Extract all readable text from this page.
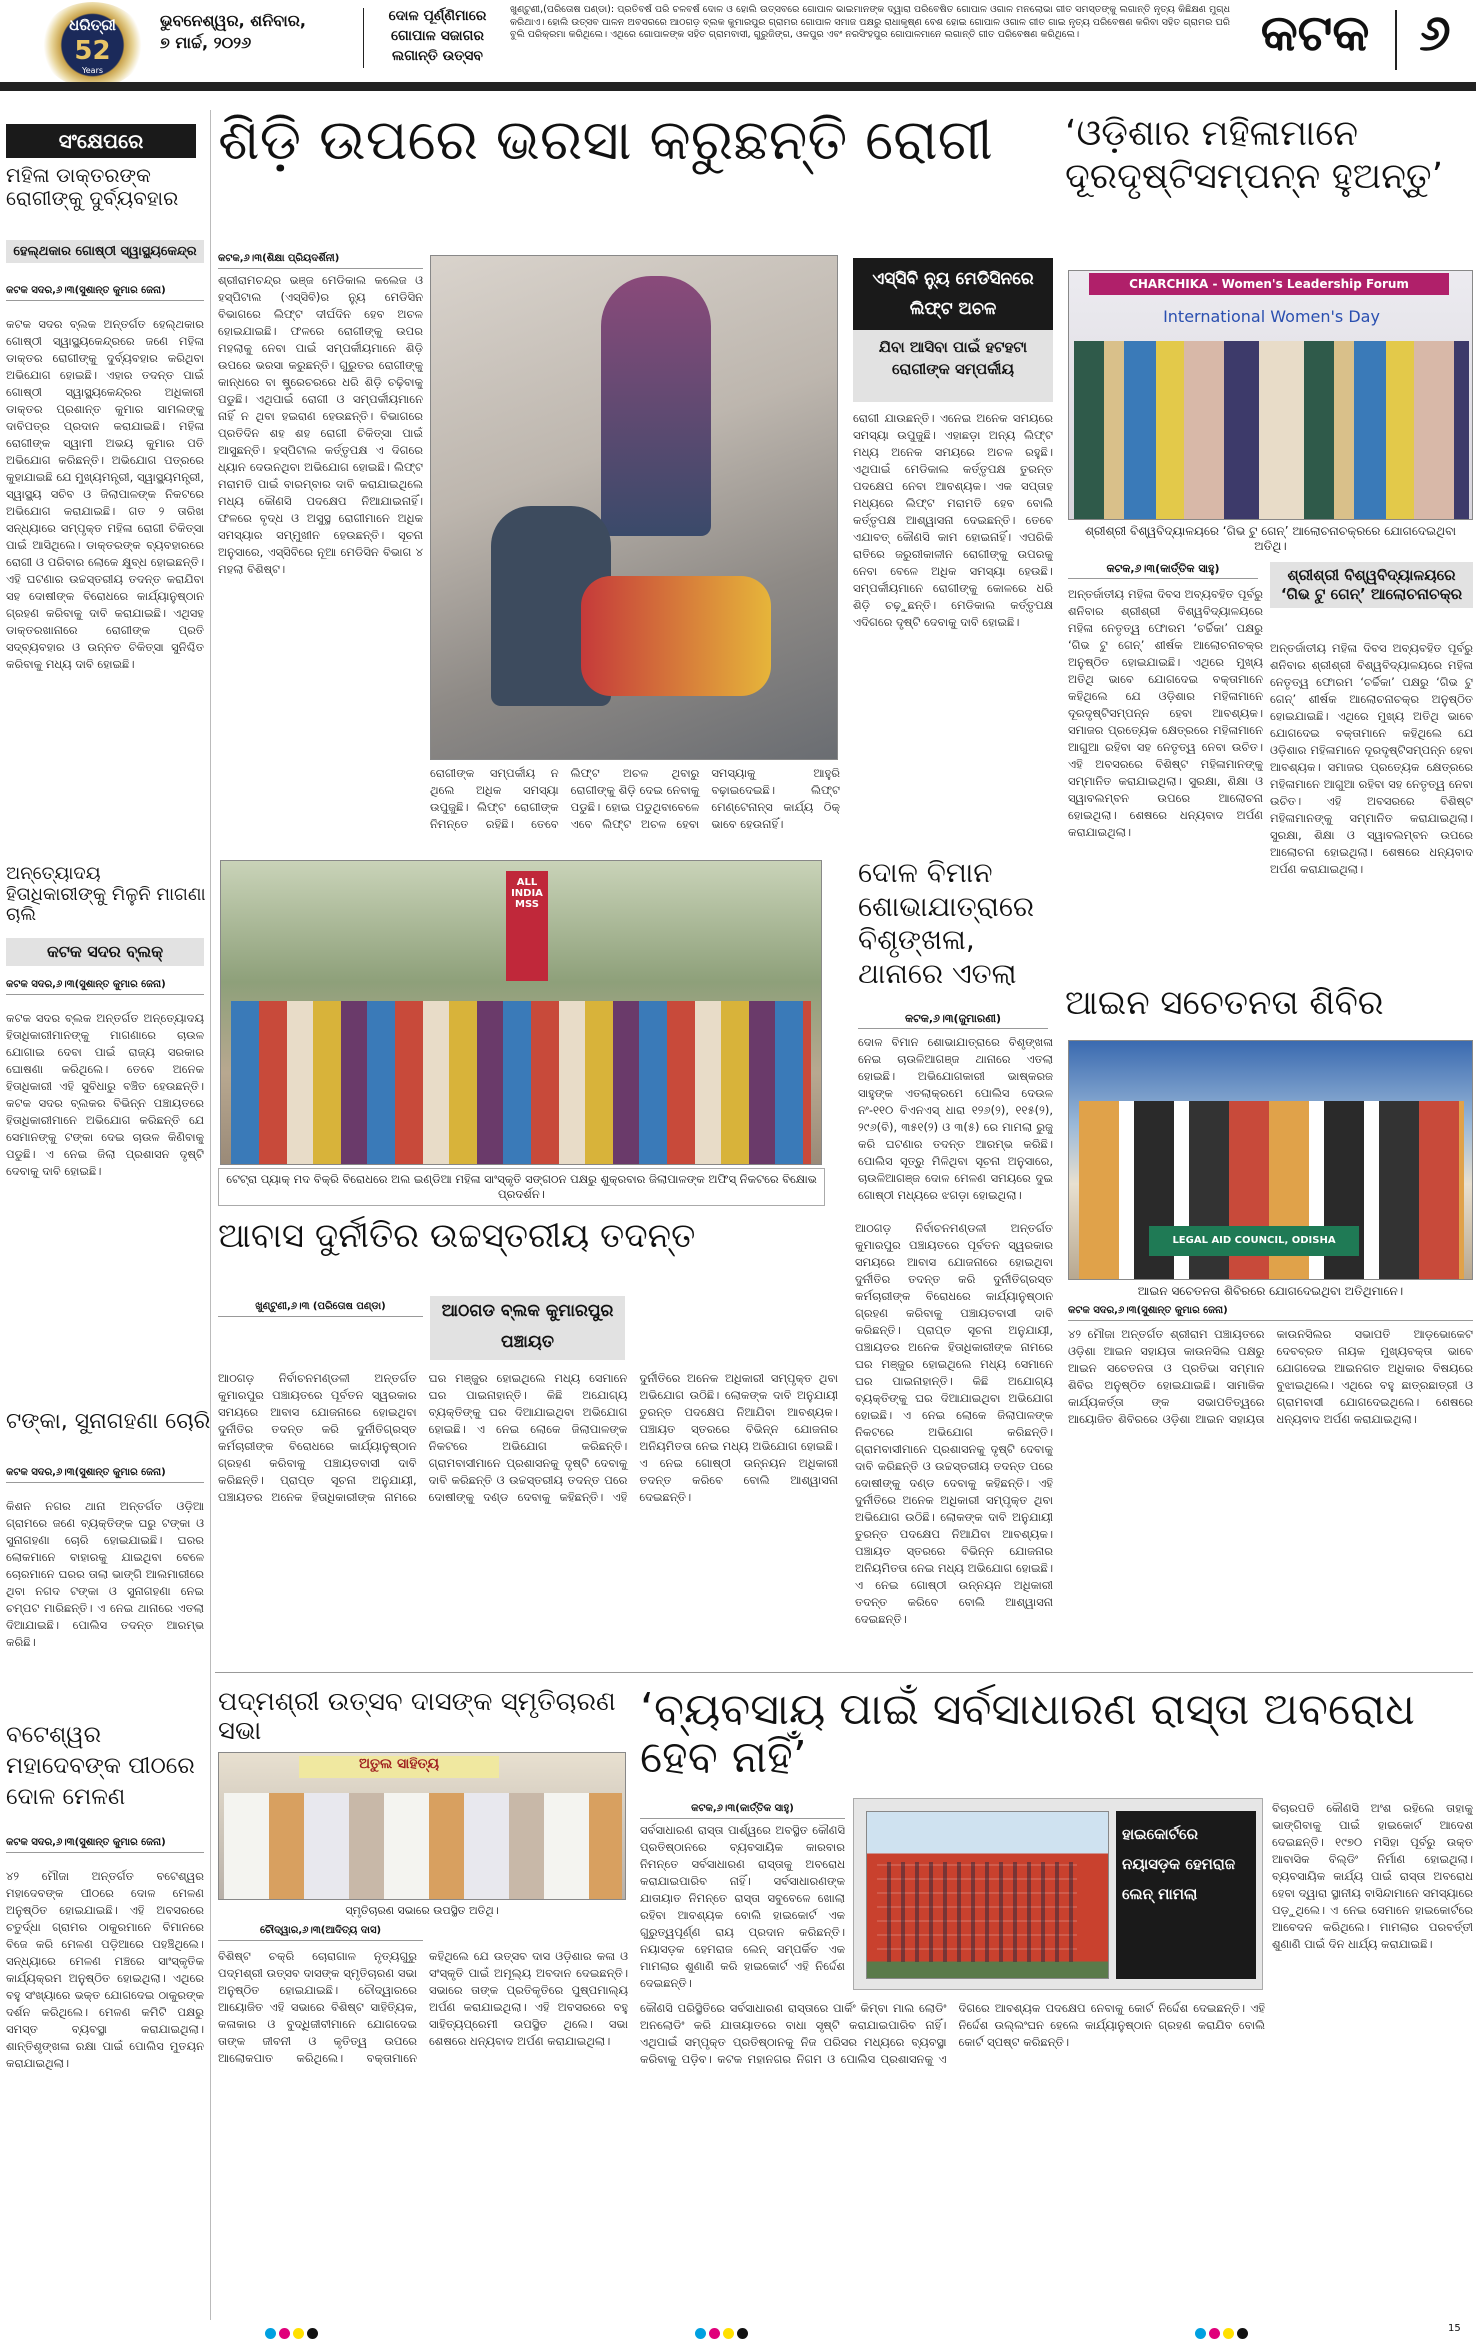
ଧରିତ୍ରୀ
52
Years
ଭୁବନେଶ୍ୱର, ଶନିବାର,
୭ ମାର୍ଚ୍ଚ, ୨୦୨୬
ଦୋଳ ପୂର୍ଣ୍ଣିମାରେ ଗୋପାଳ ସଜାଗର ଲଗାନ୍ତି ଉତ୍ସବ
ଖୁଣ୍ଟୁଣୀ,(ପରିତୋଷ ପଣ୍ଡା): ପ୍ରତିବର୍ଷ ପରି ଚଳବର୍ଷ ଦୋଳ ଓ ହୋଲି ଉତ୍ସବରେ ଗୋପାଳ ଭାଇମାନଙ୍କ ଦ୍ୱାରା ପରିବେଷିତ ଗୋପାଳ ଓଗାଳ ମନଲୋଭା ଗୀତ ସମସ୍ତଙ୍କୁ ଲଗାନ୍ତି ନୃତ୍ୟ କିଛିକ୍ଷଣ ମୁଗ୍ଧ କରିଥାଏ। ହୋଲି ଉତ୍ସବ ପାଳନ ଅବସରରେ ଆଠଗଡ଼ ବ୍ଲକ କୁମାରପୁର ଗ୍ରାମର ଗୋପାଳ ସମାଜ ପକ୍ଷରୁ ରାଧାକୃଷ୍ଣ ବେଶ ହୋଇ ଗୋପାଳ ଓଗାଳ ଗୀତ ଗାଇ ନୃତ୍ୟ ପରିବେଷଣ କରିବା ସହିତ ଗ୍ରାମର ଘରି ବୁଲି ପରିକ୍ରମା କରିଥିଲେ। ଏଥିରେ ଗୋପାଳଙ୍କ ସହିତ ଗ୍ରାମବାସୀ, ଗୁରୁଜିଙ୍ଗ, ଓଳପୁର ଏବଂ ନରସିଂହପୁର ଗୋପାଳମାନେ ଲଗାନ୍ତି ଗୀତ ପରିବେଷଣ କରିଥିଲେ।	କଟକ	୬
ସଂକ୍ଷେପରେ
ମହିଳା ଡାକ୍ତରଙ୍କ ରୋଗୀଙ୍କୁ ଦୁର୍ବ୍ୟବହାର
ହେଲ୍‌ଥକାର ଗୋଷ୍ଠୀ ସ୍ୱାସ୍ଥ୍ୟକେନ୍ଦ୍ର
କଟକ ସଦର,୬।୩(ସୁଶାନ୍ତ କୁମାର ଜେନା)
କଟକ ସଦର ବ୍ଲକ ଅନ୍ତର୍ଗତ ହେଲ୍‌ଥକାର ଗୋଷ୍ଠୀ ସ୍ୱାସ୍ଥ୍ୟକେନ୍ଦ୍ରରେ ଜଣେ ମହିଳା ଡାକ୍ତର ରୋଗୀଙ୍କୁ ଦୁର୍ବ୍ୟବହାର କରିଥିବା ଅଭିଯୋଗ ହୋଇଛି। ଏହାର ତଦନ୍ତ ପାଇଁ ଗୋଷ୍ଠୀ ସ୍ୱାସ୍ଥ୍ୟକେନ୍ଦ୍ରର ଅଧିକାରୀ ଡାକ୍ତର ପ୍ରଶାନ୍ତ କୁମାର ସାମଲଙ୍କୁ ଦାବିପତ୍ର ପ୍ରଦାନ କରାଯାଇଛି। ମହିଳା ରୋଗୀଙ୍କ ସ୍ୱାମୀ ଅଭୟ କୁମାର ପତି ଅଭିଯୋଗ କରିଛନ୍ତି। ଅଭିଯୋଗ ପତ୍ରରେ କୁହାଯାଇଛି ଯେ ମୁଖ୍ୟମନ୍ତ୍ରୀ, ସ୍ୱାସ୍ଥ୍ୟମନ୍ତ୍ରୀ, ସ୍ୱାସ୍ଥ୍ୟ ସଚିବ ଓ ଜିଲାପାଳଙ୍କ ନିକଟରେ ଅଭିଯୋଗ କରାଯାଇଛି। ଗତ ୨ ତାରିଖ ସନ୍ଧ୍ୟାରେ ସମ୍ପୃକ୍ତ ମହିଳା ରୋଗୀ ଚିକିତ୍ସା ପାଇଁ ଆସିଥିଲେ। ଡାକ୍ତରଙ୍କ ବ୍ୟବହାରରେ ରୋଗୀ ଓ ପରିବାର ଲୋକେ କ୍ଷୁବ୍ଧ ହୋଇଛନ୍ତି। ଏହି ଘଟଣାର ଉଚ୍ଚସ୍ତରୀୟ ତଦନ୍ତ କରାଯିବା ସହ ଦୋଷୀଙ୍କ ବିରୋଧରେ କାର୍ଯ୍ୟାନୁଷ୍ଠାନ ଗ୍ରହଣ କରିବାକୁ ଦାବି କରାଯାଇଛି। ଏଥିସହ ଡାକ୍ତରଖାନାରେ ରୋଗୀଙ୍କ ପ୍ରତି ସଦ୍‌ବ୍ୟବହାର ଓ ଉନ୍ନତ ଚିକିତ୍ସା ସୁନିଶ୍ଚିତ କରିବାକୁ ମଧ୍ୟ ଦାବି ହୋଇଛି।
ଅନ୍ତ୍ୟୋଦୟ ହିତାଧିକାରୀଙ୍କୁ ମିଳୁନି ମାଗଣା ଚାଲି
କଟକ ସଦର ବ୍ଲକ୍
କଟକ ସଦର,୬।୩(ସୁଶାନ୍ତ କୁମାର ଜେନା)
କଟକ ସଦର ବ୍ଲକ ଅନ୍ତର୍ଗତ ଅନ୍ତ୍ୟୋଦୟ ହିତାଧିକାରୀମାନଙ୍କୁ ମାଗଣାରେ ଚାଉଳ ଯୋଗାଇ ଦେବା ପାଇଁ ରାଜ୍ୟ ସରକାର ଘୋଷଣା କରିଥିଲେ। ତେବେ ଅନେକ ହିତାଧିକାରୀ ଏହି ସୁବିଧାରୁ ବଞ୍ଚିତ ହେଉଛନ୍ତି। କଟକ ସଦର ବ୍ଲକର ବିଭିନ୍ନ ପଞ୍ଚାୟତରେ ହିତାଧିକାରୀମାନେ ଅଭିଯୋଗ କରିଛନ୍ତି ଯେ ସେମାନଙ୍କୁ ଟଙ୍କା ଦେଇ ଚାଉଳ କିଣିବାକୁ ପଡୁଛି। ଏ ନେଇ ଜିଲା ପ୍ରଶାସନ ଦୃଷ୍ଟି ଦେବାକୁ ଦାବି ହୋଇଛି।
ଟଙ୍କା, ସୁନାଗହଣା ଚୋରି
କଟକ ସଦର,୬।୩(ସୁଶାନ୍ତ କୁମାର ଜେନା)
କିଶନ ନଗର ଥାନା ଅନ୍ତର୍ଗତ ଓଡ଼ିଆ ଗ୍ରାମରେ ଜଣେ ବ୍ୟକ୍ତିଙ୍କ ଘରୁ ଟଙ୍କା ଓ ସୁନାଗହଣା ଚୋରି ହୋଇଯାଇଛି। ଘରର ଲୋକମାନେ ବାହାରକୁ ଯାଇଥିବା ବେଳେ ଚୋରମାନେ ଘରର ତାଲା ଭାଙ୍ଗି ଆଲମାରୀରେ ଥିବା ନଗଦ ଟଙ୍କା ଓ ସୁନାଗହଣା ନେଇ ଚମ୍ପଟ ମାରିଛନ୍ତି। ଏ ନେଇ ଥାନାରେ ଏତଲା ଦିଆଯାଇଛି। ପୋଲିସ ତଦନ୍ତ ଆରମ୍ଭ କରିଛି।
ବଟେଶ୍ୱର ମହାଦେବଙ୍କ ପୀଠରେ ଦୋଳ ମେଳଣ
କଟକ ସଦର,୬।୩(ସୁଶାନ୍ତ କୁମାର ଜେନା)
୪୨ ମୌଜା ଅନ୍ତର୍ଗତ ବଟେଶ୍ୱର ମହାଦେବଙ୍କ ପୀଠରେ ଦୋଳ ମେଳଣ ଅନୁଷ୍ଠିତ ହୋଇଯାଇଛି। ଏହି ଅବସରରେ ଚତୁର୍ଦ୍ଧା ଗ୍ରାମର ଠାକୁରମାନେ ବିମାନରେ ବିଜେ କରି ମେଳଣ ପଡ଼ିଆରେ ପହଞ୍ଚିଥିଲେ। ସନ୍ଧ୍ୟାରେ ମେଳଣ ମଞ୍ଚରେ ସାଂସ୍କୃତିକ କାର୍ଯ୍ୟକ୍ରମ ଅନୁଷ୍ଠିତ ହୋଇଥିଲା। ଏଥିରେ ବହୁ ସଂଖ୍ୟାରେ ଭକ୍ତ ଯୋଗଦେଇ ଠାକୁରଙ୍କ ଦର୍ଶନ କରିଥିଲେ। ମେଳଣ କମିଟି ପକ୍ଷରୁ ସମସ୍ତ ବ୍ୟବସ୍ଥା କରାଯାଇଥିଲା। ଶାନ୍ତିଶୃଙ୍ଖଳା ରକ୍ଷା ପାଇଁ ପୋଲିସ ମୁତୟନ କରାଯାଇଥିଲା।
ଶିଡ଼ି ଉପରେ ଭରସା କରୁଛନ୍ତି ରୋଗୀ
କଟକ,୬।୩(ଶିକ୍ଷା ପ୍ରିୟଦର୍ଶିନୀ)
ଶ୍ରୀରାମଚନ୍ଦ୍ର ଭଞ୍ଜ ମେଡିକାଲ କଲେଜ ଓ ହସ୍ପିଟାଲ (ଏସ୍‌ସିବି)ର ନ୍ୟୁ ମେଡିସିନ ବିଭାଗରେ ଲିଫ୍ଟ ଦୀର୍ଘଦିନ ହେବ ଅଚଳ ହୋଇଯାଇଛି। ଫଳରେ ରୋଗୀଙ୍କୁ ଉପର ମହଲାକୁ ନେବା ପାଇଁ ସମ୍ପର୍କୀୟମାନେ ଶିଡ଼ି ଉପରେ ଭରସା କରୁଛନ୍ତି। ଗୁରୁତର ରୋଗୀଙ୍କୁ କାନ୍ଧରେ ବା ଷ୍ଟ୍ରେଚରରେ ଧରି ଶିଡ଼ି ଚଢ଼ିବାକୁ ପଡୁଛି। ଏଥିପାଇଁ ରୋଗୀ ଓ ସମ୍ପର୍କୀୟମାନେ ନାହିଁ ନ ଥିବା ହଇରାଣ ହେଉଛନ୍ତି। ବିଭାଗରେ ପ୍ରତିଦିନ ଶହ ଶହ ରୋଗୀ ଚିକିତ୍ସା ପାଇଁ ଆସୁଛନ୍ତି। ହସ୍ପିଟାଲ କର୍ତ୍ତୃପକ୍ଷ ଏ ଦିଗରେ ଧ୍ୟାନ ଦେଉନଥିବା ଅଭିଯୋଗ ହୋଇଛି। ଲିଫ୍ଟ ମରାମତି ପାଇଁ ବାରମ୍ବାର ଦାବି କରାଯାଇଥିଲେ ମଧ୍ୟ କୌଣସି ପଦକ୍ଷେପ ନିଆଯାଇନାହିଁ। ଫଳରେ ବୃଦ୍ଧ ଓ ଅସୁସ୍ଥ ରୋଗୀମାନେ ଅଧିକ ସମସ୍ୟାର ସମ୍ମୁଖୀନ ହେଉଛନ୍ତି। ସୂଚନା ଅନୁସାରେ, ଏସ୍‌ସିବିରେ ନୂଆ ମେଡିସିନ ବିଭାଗ ୪ ମହଲା ବିଶିଷ୍ଟ।
ରୋଗୀଙ୍କ ସମ୍ପର୍କୀୟ ନ ଥିଲେ ଅଧିକ ସମସ୍ୟା ଉପୁଜୁଛି। ଲିଫ୍ଟ ରୋଗୀଙ୍କ ନିମନ୍ତେ ରହିଛି। ତେବେ ଲିଫ୍ଟ ଅଚଳ ଥିବାରୁ ରୋଗୀଙ୍କୁ ଶିଡ଼ି ଦେଇ ନେବାକୁ ପଡୁଛି। ହୋଇ ପଡୁଥିବାବେଳେ ଏବେ ଲିଫ୍ଟ ଅଚଳ ହେବା ସମସ୍ୟାକୁ ଆହୁରି ବଢ଼ାଇଦେଇଛି। ଲିଫ୍ଟ ମେଣ୍ଟେନାନ୍ସ କାର୍ଯ୍ୟ ଠିକ୍ ଭାବେ ହେଉନାହିଁ।
ଏସ୍‌ସିବି ନ୍ୟୁ ମେଡିସିନରେ ଲିଫ୍ଟ ଅଚଳ
ଯିବା ଆସିବା ପାଇଁ ହଟହଟା ରୋଗୀଙ୍କ ସମ୍ପର୍କୀୟ
ରୋଗୀ ଯାଉଛନ୍ତି। ଏନେଇ ଅନେକ ସମୟରେ ସମସ୍ୟା ଉପୁଜୁଛି। ଏହାଛଡ଼ା ଅନ୍ୟ ଲିଫ୍ଟ ମଧ୍ୟ ଅନେକ ସମୟରେ ଅଚଳ ରହୁଛି। ଏଥିପାଇଁ ମେଡିକାଲ କର୍ତ୍ତୃପକ୍ଷ ତୁରନ୍ତ ପଦକ୍ଷେପ ନେବା ଆବଶ୍ୟକ। ଏକ ସପ୍ତାହ ମଧ୍ୟରେ ଲିଫ୍ଟ ମରାମତି ହେବ ବୋଲି କର୍ତ୍ତୃପକ୍ଷ ଆଶ୍ୱାସନା ଦେଇଛନ୍ତି। ତେବେ ଏଯାବତ୍ କୌଣସି କାମ ହୋଇନାହିଁ। ଏପରିକି ରାତିରେ ଜରୁରୀକାଳୀନ ରୋଗୀଙ୍କୁ ଉପରକୁ ନେବା ବେଳେ ଅଧିକ ସମସ୍ୟା ହେଉଛି। ସମ୍ପର୍କୀୟମାନେ ରୋଗୀଙ୍କୁ କୋଳରେ ଧରି ଶିଡ଼ି ଚଢ଼ୁଛନ୍ତି। ମେଡିକାଲ କର୍ତ୍ତୃପକ୍ଷ ଏଦିଗରେ ଦୃଷ୍ଟି ଦେବାକୁ ଦାବି ହୋଇଛି।
‘ଓଡ଼ିଶାର ମହିଳାମାନେ ଦୂରଦୃଷ୍ଟିସମ୍ପନ୍ନ ହୁଅନ୍ତୁ’
CHARCHIKA - Women's Leadership Forum
International Women's Day
ଶ୍ରୀଶ୍ରୀ ବିଶ୍ୱବିଦ୍ୟାଳୟରେ ‘ଗିଭ ଟୁ ଗେନ୍’ ଆଲୋଚନାଚକ୍ରରେ ଯୋଗଦେଇଥିବା ଅତିଥି।
କଟକ,୬।୩(କାର୍ତ୍ତିକ ସାହୁ)	ଶ୍ରୀଶ୍ରୀ ବିଶ୍ୱବିଦ୍ୟାଳୟରେ ‘ଗିଭ ଟୁ ଗେନ୍’ ଆଲୋଚନାଚକ୍ର
ଅନ୍ତର୍ଜାତୀୟ ମହିଳା ଦିବସ ଅବ୍ୟବହିତ ପୂର୍ବରୁ ଶନିବାର ଶ୍ରୀଶ୍ରୀ ବିଶ୍ୱବିଦ୍ୟାଳୟରେ ମହିଳା ନେତୃତ୍ୱ ଫୋରମ ‘ଚର୍ଚ୍ଚିକା’ ପକ୍ଷରୁ ‘ଗିଭ ଟୁ ଗେନ୍’ ଶୀର୍ଷକ ଆଲୋଚନାଚକ୍ର ଅନୁଷ୍ଠିତ ହୋଇଯାଇଛି। ଏଥିରେ ମୁଖ୍ୟ ଅତିଥି ଭାବେ ଯୋଗଦେଇ ବକ୍ତାମାନେ କହିଥିଲେ ଯେ ଓଡ଼ିଶାର ମହିଳାମାନେ ଦୂରଦୃଷ୍ଟିସମ୍ପନ୍ନ ହେବା ଆବଶ୍ୟକ। ସମାଜର ପ୍ରତ୍ୟେକ କ୍ଷେତ୍ରରେ ମହିଳାମାନେ ଆଗୁଆ ରହିବା ସହ ନେତୃତ୍ୱ ନେବା ଉଚିତ। ଏହି ଅବସରରେ ବିଶିଷ୍ଟ ମହିଳାମାନଙ୍କୁ ସମ୍ମାନିତ କରାଯାଇଥିଲା। ସୁରକ୍ଷା, ଶିକ୍ଷା ଓ ସ୍ୱାବଲମ୍ବନ ଉପରେ ଆଲୋଚନା ହୋଇଥିଲା। ଶେଷରେ ଧନ୍ୟବାଦ ଅର୍ପଣ କରାଯାଇଥିଲା।
ଅନ୍ତର୍ଜାତୀୟ ମହିଳା ଦିବସ ଅବ୍ୟବହିତ ପୂର୍ବରୁ ଶନିବାର ଶ୍ରୀଶ୍ରୀ ବିଶ୍ୱବିଦ୍ୟାଳୟରେ ମହିଳା ନେତୃତ୍ୱ ଫୋରମ ‘ଚର୍ଚ୍ଚିକା’ ପକ୍ଷରୁ ‘ଗିଭ ଟୁ ଗେନ୍’ ଶୀର୍ଷକ ଆଲୋଚନାଚକ୍ର ଅନୁଷ୍ଠିତ ହୋଇଯାଇଛି। ଏଥିରେ ମୁଖ୍ୟ ଅତିଥି ଭାବେ ଯୋଗଦେଇ ବକ୍ତାମାନେ କହିଥିଲେ ଯେ ଓଡ଼ିଶାର ମହିଳାମାନେ ଦୂରଦୃଷ୍ଟିସମ୍ପନ୍ନ ହେବା ଆବଶ୍ୟକ। ସମାଜର ପ୍ରତ୍ୟେକ କ୍ଷେତ୍ରରେ ମହିଳାମାନେ ଆଗୁଆ ରହିବା ସହ ନେତୃତ୍ୱ ନେବା ଉଚିତ। ଏହି ଅବସରରେ ବିଶିଷ୍ଟ ମହିଳାମାନଙ୍କୁ ସମ୍ମାନିତ କରାଯାଇଥିଲା। ସୁରକ୍ଷା, ଶିକ୍ଷା ଓ ସ୍ୱାବଲମ୍ବନ ଉପରେ ଆଲୋଚନା ହୋଇଥିଲା। ଶେଷରେ ଧନ୍ୟବାଦ ଅର୍ପଣ କରାଯାଇଥିଲା।
ALL INDIA MSS
ଟେଟ୍ରା ପ୍ୟାକ୍ ମଦ ବିକ୍ରି ବିରୋଧରେ ଅଲ ଇଣ୍ଡିଆ ମହିଳା ସାଂସ୍କୃତି ସଙ୍ଗଠନ ପକ୍ଷରୁ ଶୁକ୍ରବାର ଜିଲାପାଳଙ୍କ ଅଫିସ୍ ନିକଟରେ ବିକ୍ଷୋଭ ପ୍ରଦର୍ଶନ।
ଦୋଳ ବିମାନ ଶୋଭାଯାତ୍ରାରେ ବିଶୃଙ୍ଖଳା, ଥାନାରେ ଏତଲା
କଟକ,୬।୩(ଜୁମାରଣୀ)
ଦୋଳ ବିମାନ ଶୋଭାଯାତ୍ରାରେ ବିଶୃଙ୍ଖଳା ନେଇ ଚାଉଳିଆଗଞ୍ଜ ଥାନାରେ ଏତଲା ହୋଇଛି। ଅଭିଯୋଗକାରୀ ଭାଷ୍କରଜ ସାହୁଙ୍କ ଏତଲାକ୍ରମେ ପୋଲିସ ଦେଉଳ ନଂ-୧୧୦ ବିଏନଏସ୍ ଧାରା ୧୨୬(୨), ୧୧୫(୨), ୨୯୬(ବି), ୩୫୧(୨) ଓ ୩(୫) ରେ ମାମଲା ରୁଜୁ କରି ଘଟଣାର ତଦନ୍ତ ଆରମ୍ଭ କରିଛି। ପୋଲିସ ସୂତ୍ରୁ ମିଳିଥିବା ସୂଚନା ଅନୁସାରେ, ଚାଉଳିଆଗଞ୍ଜ ଦୋଳ ମେଳଣ ସମୟରେ ଦୁଇ ଗୋଷ୍ଠୀ ମଧ୍ୟରେ ଝଗଡ଼ା ହୋଇଥିଲା।
ଆଇନ ସଚେତନତା ଶିବିର
LEGAL AID COUNCIL, ODISHA
ଆଇନ ସଚେତନତା ଶିବିରରେ ଯୋଗଦେଇଥିବା ଅତିଥିମାନେ।
କଟକ ସଦର,୬।୩(ସୁଶାନ୍ତ କୁମାର ଜେନା)
୪୨ ମୌଜା ଅନ୍ତର୍ଗତ ଶ୍ରୀରାମ ପଞ୍ଚାୟତରେ ଓଡ଼ିଶା ଆଇନ ସହାୟତା କାଉନସିଲ ପକ୍ଷରୁ ଆଇନ ସଚେତନତା ଓ ପ୍ରତିଭା ସମ୍ମାନ ଶିବିର ଅନୁଷ୍ଠିତ ହୋଇଯାଇଛି। ସାମାଜିକ କାର୍ଯ୍ୟକର୍ତ୍ତା ଙ୍କ ସଭାପତିତ୍ୱରେ ଆୟୋଜିତ ଶିବିରରେ ଓଡ଼ିଶା ଆଇନ ସହାୟତା କାଉନସିଲର ସଭାପତି ଆଡ଼ଭୋକେଟ ଦେବବ୍ରତ ନାୟକ ମୁଖ୍ୟବକ୍ତା ଭାବେ ଯୋଗଦେଇ ଆଇନଗତ ଅଧିକାର ବିଷୟରେ ବୁଝାଇଥିଲେ। ଏଥିରେ ବହୁ ଛାତ୍ରଛାତ୍ରୀ ଓ ଗ୍ରାମବାସୀ ଯୋଗଦେଇଥିଲେ। ଶେଷରେ ଧନ୍ୟବାଦ ଅର୍ପଣ କରାଯାଇଥିଲା।
ଆବାସ ଦୁର୍ନୀତିର ଉଚ୍ଚସ୍ତରୀୟ ତଦନ୍ତ
ଖୁଣ୍ଟୁଣୀ,୬।୩ (ପରିତୋଷ ପଣ୍ଡା)	ଆଠଗଡ ବ୍ଲକ କୁମାରପୁର ପଞ୍ଚାୟତ
ଆଠଗଡ଼ ନିର୍ବାଚନମଣ୍ଡଳୀ ଅନ୍ତର୍ଗତ କୁମାରପୁର ପଞ୍ଚାୟତରେ ପୂର୍ବତନ ସ୍ୱରକାର ସମୟରେ ଆବାସ ଯୋଜନାରେ ହୋଇଥିବା ଦୁର୍ନୀତିର ତଦନ୍ତ କରି ଦୁର୍ନୀତିଗ୍ରସ୍ତ କର୍ମଚାରୀଙ୍କ ବିରୋଧରେ କାର୍ଯ୍ୟାନୁଷ୍ଠାନ ଗ୍ରହଣ କରିବାକୁ ପଞ୍ଚାୟତବାସୀ ଦାବି କରିଛନ୍ତି। ପ୍ରାପ୍ତ ସୂଚନା ଅନୁଯାୟୀ, ପଞ୍ଚାୟତର ଅନେକ ହିତାଧିକାରୀଙ୍କ ନାମରେ ଘର ମଞ୍ଜୁର ହୋଇଥିଲେ ମଧ୍ୟ ସେମାନେ ଘର ପାଇନାହାନ୍ତି। କିଛି ଅଯୋଗ୍ୟ ବ୍ୟକ୍ତିଙ୍କୁ ଘର ଦିଆଯାଇଥିବା ଅଭିଯୋଗ ହୋଇଛି। ଏ ନେଇ ଲୋକେ ଜିଲାପାଳଙ୍କ ନିକଟରେ ଅଭିଯୋଗ କରିଛନ୍ତି। ଗ୍ରାମବାସୀମାନେ ପ୍ରଶାସନକୁ ଦୃଷ୍ଟି ଦେବାକୁ ଦାବି କରିଛନ୍ତି ଓ ଉଚ୍ଚସ୍ତରୀୟ ତଦନ୍ତ ପରେ ଦୋଷୀଙ୍କୁ ଦଣ୍ଡ ଦେବାକୁ କହିଛନ୍ତି। ଏହି ଦୁର୍ନୀତିରେ ଅନେକ ଅଧିକାରୀ ସମ୍ପୃକ୍ତ ଥିବା ଅଭିଯୋଗ ଉଠିଛି। ଲୋକଙ୍କ ଦାବି ଅନୁଯାୟୀ ତୁରନ୍ତ ପଦକ୍ଷେପ ନିଆଯିବା ଆବଶ୍ୟକ। ପଞ୍ଚାୟତ ସ୍ତରରେ ବିଭିନ୍ନ ଯୋଜନାର ଅନିୟମିତତା ନେଇ ମଧ୍ୟ ଅଭିଯୋଗ ହୋଇଛି। ଏ ନେଇ ଗୋଷ୍ଠୀ ଉନ୍ନୟନ ଅଧିକାରୀ ତଦନ୍ତ କରିବେ ବୋଲି ଆଶ୍ୱାସନା ଦେଇଛନ୍ତି।
ଆଠଗଡ଼ ନିର୍ବାଚନମଣ୍ଡଳୀ ଅନ୍ତର୍ଗତ କୁମାରପୁର ପଞ୍ଚାୟତରେ ପୂର୍ବତନ ସ୍ୱରକାର ସମୟରେ ଆବାସ ଯୋଜନାରେ ହୋଇଥିବା ଦୁର୍ନୀତିର ତଦନ୍ତ କରି ଦୁର୍ନୀତିଗ୍ରସ୍ତ କର୍ମଚାରୀଙ୍କ ବିରୋଧରେ କାର୍ଯ୍ୟାନୁଷ୍ଠାନ ଗ୍ରହଣ କରିବାକୁ ପଞ୍ଚାୟତବାସୀ ଦାବି କରିଛନ୍ତି। ପ୍ରାପ୍ତ ସୂଚନା ଅନୁଯାୟୀ, ପଞ୍ଚାୟତର ଅନେକ ହିତାଧିକାରୀଙ୍କ ନାମରେ ଘର ମଞ୍ଜୁର ହୋଇଥିଲେ ମଧ୍ୟ ସେମାନେ ଘର ପାଇନାହାନ୍ତି। କିଛି ଅଯୋଗ୍ୟ ବ୍ୟକ୍ତିଙ୍କୁ ଘର ଦିଆଯାଇଥିବା ଅଭିଯୋଗ ହୋଇଛି। ଏ ନେଇ ଲୋକେ ଜିଲାପାଳଙ୍କ ନିକଟରେ ଅଭିଯୋଗ କରିଛନ୍ତି। ଗ୍ରାମବାସୀମାନେ ପ୍ରଶାସନକୁ ଦୃଷ୍ଟି ଦେବାକୁ ଦାବି କରିଛନ୍ତି ଓ ଉଚ୍ଚସ୍ତରୀୟ ତଦନ୍ତ ପରେ ଦୋଷୀଙ୍କୁ ଦଣ୍ଡ ଦେବାକୁ କହିଛନ୍ତି। ଏହି ଦୁର୍ନୀତିରେ ଅନେକ ଅଧିକାରୀ ସମ୍ପୃକ୍ତ ଥିବା ଅଭିଯୋଗ ଉଠିଛି। ଲୋକଙ୍କ ଦାବି ଅନୁଯାୟୀ ତୁରନ୍ତ ପଦକ୍ଷେପ ନିଆଯିବା ଆବଶ୍ୟକ। ପଞ୍ଚାୟତ ସ୍ତରରେ ବିଭିନ୍ନ ଯୋଜନାର ଅନିୟମିତତା ନେଇ ମଧ୍ୟ ଅଭିଯୋଗ ହୋଇଛି। ଏ ନେଇ ଗୋଷ୍ଠୀ ଉନ୍ନୟନ ଅଧିକାରୀ ତଦନ୍ତ କରିବେ ବୋଲି ଆଶ୍ୱାସନା ଦେଇଛନ୍ତି।
ପଦ୍ମଶ୍ରୀ ଉତ୍ସବ ଦାସଙ୍କ ସ୍ମୃତିଚାରଣ ସଭା
ଅତୁଲ ସାହିତ୍ୟ
ସ୍ମୃତିଚାରଣ ସଭାରେ ଉପସ୍ଥିତ ଅତିଥି।
ଚୌଦ୍ୱାର,୬।୩(ଆଦିତ୍ୟ ଦାସ)
ବିଶିଷ୍ଟ ଚକ୍ରି ଚୋରାଗାଳ ନୃତ୍ୟଗୁରୁ ପଦ୍ମଶ୍ରୀ ଉତ୍ସବ ଦାସଙ୍କ ସ୍ମୃତିଚାରଣ ସଭା ଅନୁଷ୍ଠିତ ହୋଇଯାଇଛି। ଚୌଦ୍ୱାରରେ ଆୟୋଜିତ ଏହି ସଭାରେ ବିଶିଷ୍ଟ ସାହିତ୍ୟିକ, କଳାକାର ଓ ବୁଦ୍ଧିଜୀବୀମାନେ ଯୋଗଦେଇ ତାଙ୍କ ଜୀବନୀ ଓ କୃତିତ୍ୱ ଉପରେ ଆଲୋକପାତ କରିଥିଲେ। ବକ୍ତାମାନେ କହିଥିଲେ ଯେ ଉତ୍ସବ ଦାସ ଓଡ଼ିଶାର କଳା ଓ ସଂସ୍କୃତି ପାଇଁ ଅମୂଲ୍ୟ ଅବଦାନ ଦେଇଛନ୍ତି। ସଭାରେ ତାଙ୍କ ପ୍ରତିକୃତିରେ ପୁଷ୍ପମାଲ୍ୟ ଅର୍ପଣ କରାଯାଇଥିଲା। ଏହି ଅବସରରେ ବହୁ ସାହିତ୍ୟପ୍ରେମୀ ଉପସ୍ଥିତ ଥିଲେ। ସଭା ଶେଷରେ ଧନ୍ୟବାଦ ଅର୍ପଣ କରାଯାଇଥିଲା।
‘ବ୍ୟବସାୟ ପାଇଁ ସର୍ବସାଧାରଣ ରାସ୍ତା ଅବରୋଧ ହେବ ନାହିଁ’
କଟକ,୬।୩(କାର୍ତ୍ତିକ ସାହୁ)
ସର୍ବସାଧାରଣ ରାସ୍ତା ପାର୍ଶ୍ୱରେ ଅବସ୍ଥିତ କୌଣସି ପ୍ରତିଷ୍ଠାନରେ ବ୍ୟବସାୟିକ କାରବାର ନିମନ୍ତେ ସର୍ବସାଧାରଣ ରାସ୍ତାକୁ ଅବରୋଧ କରାଯାଇପାରିବ ନାହିଁ। ସର୍ବସାଧାରଣଙ୍କ ଯାତାୟାତ ନିମନ୍ତେ ରାସ୍ତା ସବୁବେଳେ ଖୋଲା ରହିବା ଆବଶ୍ୟକ ବୋଲି ହାଇକୋର୍ଟ ଏକ ଗୁରୁତ୍ୱପୂର୍ଣ୍ଣ ରାୟ ପ୍ରଦାନ କରିଛନ୍ତି। ନୟାସଡ଼କ ହେମରାଜ ଲେନ୍ ସମ୍ପର୍କିତ ଏକ ମାମଲାର ଶୁଣାଣି କରି ହାଇକୋର୍ଟ ଏହି ନିର୍ଦ୍ଦେଶ ଦେଇଛନ୍ତି।
ହାଇକୋର୍ଟରେ ନୟାସଡ଼କ ହେମରାଜ ଲେନ୍ ମାମଲା
କୌଣସି ପରିସ୍ଥିତିରେ ସର୍ବସାଧାରଣ ରାସ୍ତାରେ ପାର୍କିଂ କିମ୍ବା ମାଲ ଲୋଡିଂ ଅନଲୋଡିଂ କରି ଯାତାୟାତରେ ବାଧା ସୃଷ୍ଟି କରାଯାଇପାରିବ ନାହିଁ। ଏଥିପାଇଁ ସମ୍ପୃକ୍ତ ପ୍ରତିଷ୍ଠାନକୁ ନିଜ ପରିସର ମଧ୍ୟରେ ବ୍ୟବସ୍ଥା କରିବାକୁ ପଡ଼ିବ। କଟକ ମହାନଗର ନିଗମ ଓ ପୋଲିସ ପ୍ରଶାସନକୁ ଏ ଦିଗରେ ଆବଶ୍ୟକ ପଦକ୍ଷେପ ନେବାକୁ କୋର୍ଟ ନିର୍ଦ୍ଦେଶ ଦେଇଛନ୍ତି। ଏହି ନିର୍ଦ୍ଦେଶ ଉଲ୍ଲଂଘନ ହେଲେ କାର୍ଯ୍ୟାନୁଷ୍ଠାନ ଗ୍ରହଣ କରାଯିବ ବୋଲି କୋର୍ଟ ସ୍ପଷ୍ଟ କରିଛନ୍ତି।
ବିଚାରପତି କୌଣସି ଅଂଶ ରହିଲେ ତାହାକୁ ଭାଙ୍ଗିବାକୁ ପାଇଁ ହାଇକୋର୍ଟ ଆଦେଶ ଦେଇଛନ୍ତି। ୧୯୭୦ ମସିହା ପୂର୍ବରୁ ଉକ୍ତ ଆବାସିକ ବିଲ୍ଡିଂ ନିର୍ମାଣ ହୋଇଥିଲା। ବ୍ୟବସାୟିକ କାର୍ଯ୍ୟ ପାଇଁ ରାସ୍ତା ଅବରୋଧ ହେବା ଦ୍ୱାରା ସ୍ଥାନୀୟ ବାସିନ୍ଦାମାନେ ସମସ୍ୟାରେ ପଡ଼ୁଥିଲେ। ଏ ନେଇ ସେମାନେ ହାଇକୋର୍ଟରେ ଆବେଦନ କରିଥିଲେ। ମାମଲାର ପରବର୍ତ୍ତୀ ଶୁଣାଣି ପାଇଁ ଦିନ ଧାର୍ଯ୍ୟ କରାଯାଇଛି।
15
